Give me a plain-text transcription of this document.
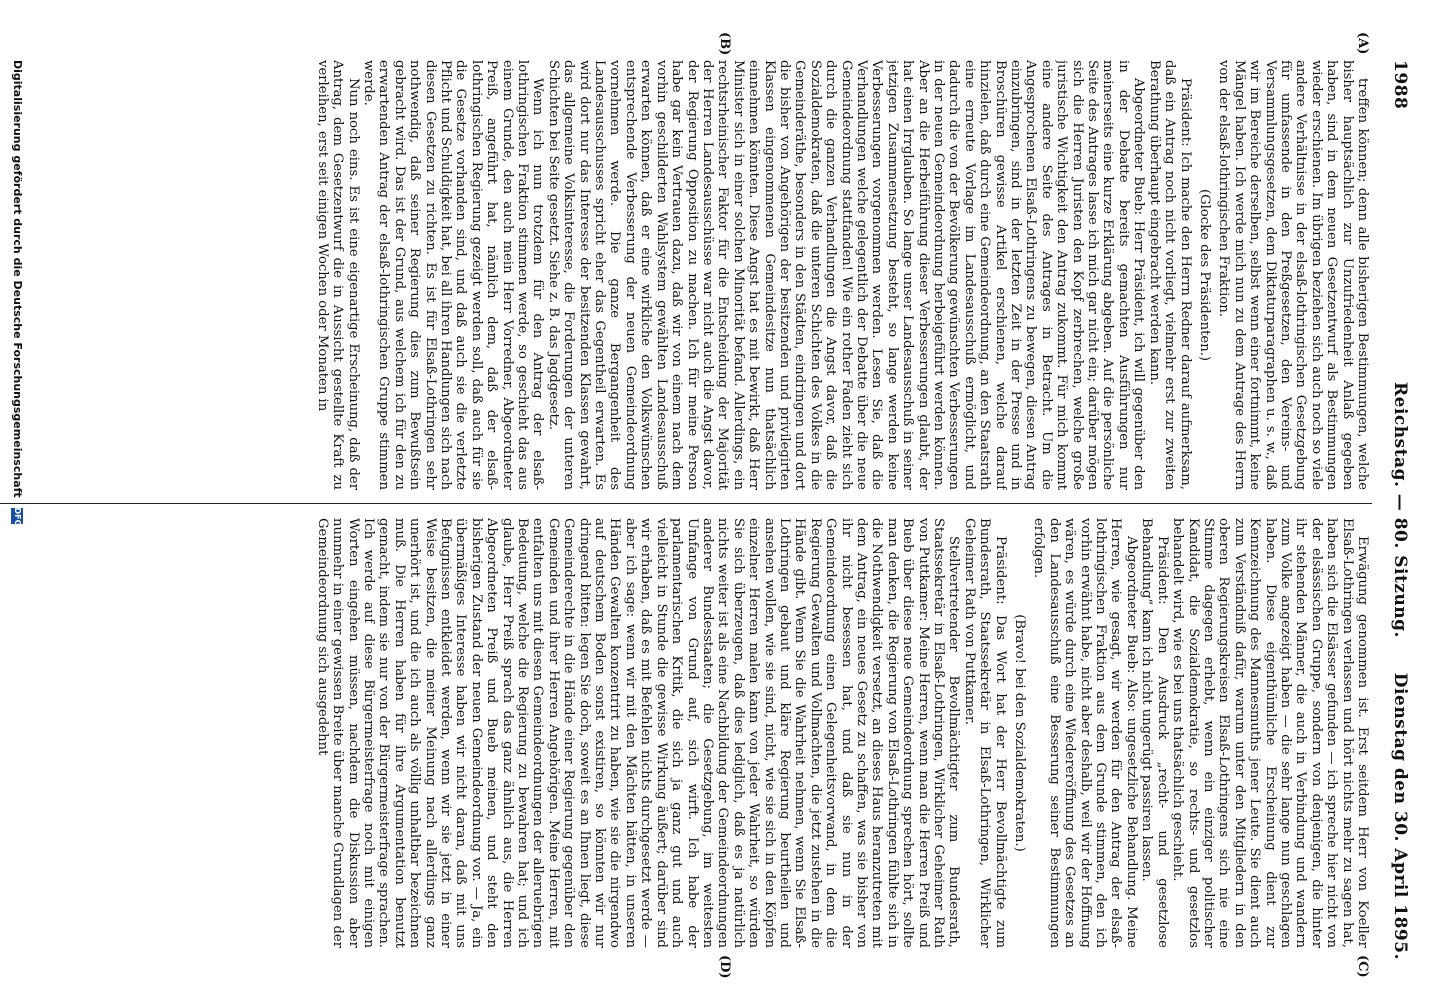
1988
Reichstag. — 80. Sitzung.
Dienstag den 30. April 1895.
(A)
(B)
(C)
(D)

treffen können; denn alle bisherigen Bestimmungen, welche bisher hauptsächlich zur Unzufriedenheit Anlaß gegeben haben, sind in dem neuen Gesetzentwurf als Bestimmungen wieder erschienen. Im übrigen beziehen sich auch noch so viele andere Verhältnisse in der elsaß-lothringischen Gesetzgebung für umfassende in den Preßgesetzen, den Vereins- und Versammlungsgesetzen, dem Diktaturparagraphen u. s. w., daß wir im Bereiche derselben, selbst wenn einer fortnimmt, keine Mängel haben. Ich werde mich nun zu dem Antrage des Herrn von der elsaß-lothringischen Fraktion.

(Glocke des Präsidenten.)

Präsident: Ich mache den Herrn Redner darauf aufmerksam, daß ein Antrag noch nicht vorliegt, vielmehr erst zur zweiten Berathung überhaupt eingebracht werden kann.

Abgeordneter Bueb: Herr Präsident, ich will gegenüber den in der Debatte bereits gemachten Ausführungen nur meinerseits eine kurze Erklärung abgeben. Auf die persönliche Seite des Antrages lasse ich mich gar nicht ein; darüber mögen sich die Herren Juristen den Kopf zerbrechen, welche große juristische Wichtigkeit den Antrag zukommt. Für mich kommt eine andere Seite des Antrages in Betracht. Um die Angesprochenen Elsaß-Lothringens zu bewegen, diesen Antrag einzubringen, sind in der letzten Zeit in der Presse und in Broschüren gewisse Artikel erschienen, welche darauf hinzielen, daß durch eine Gemeindeordnung, an den Staatsrath eine erneute Vorlage im Landesausschuß ermöglicht, und dadurch die von der Bevölkerung gewünschten Verbesserungen in der neuen Gemeindeordnung herbeigeführt werden können. Aber an die Herbeiführung dieser Verbesserungen glaubt, der hat einen Irrglauben. So lange unser Landesausschuß in seiner jetzigen Zusammensetzung besteht, so lange werden keine Verbesserungen vorgenommen werden. Lesen Sie, daß die Verhandlungen welche gelegentlich der Debatte über die neue Gemeindeordnung stattfanden! Wie ein rother Faden zieht sich durch die ganzen Verhandlungen die Angst davor, daß die Sozialdemokraten, daß die unteren Schichten des Volkes in die Gemeinderäthe, besonders in den Städten, eindringen und dort die bisher von Angehörigen der besitzenden und privilegirten Klassen eingenommenen Gemeindesitze nun thatsächlich einnehmen könnten. Diese Angst hat es mit bewirkt, daß Herr Minister sich in einer solchen Minorität befand. Allerdings, ein rechtsrheinischer Faktor für die Entscheidung der Majorität der Herren Landesausschüsse war nicht auch die Angst davor, der Regierung Opposition zu machen. Ich für meine Person habe gar kein Vertrauen dazu, daß wir von einem nach dem vorhin geschilderten Wahlsystem gewählten Landesausschuß erwarten können, daß er eine wirkliche den Volkswünschen entsprechende Verbesserung der neuen Gemeindeordnung vornehmen werde. Die ganze Bergangenheit des Landesausschusses spricht eher das Gegentheil erwarten. Es wird dort nur das Interesse der besitzenden Klassen gewahrt, das allgemeine Volksinteresse, die Forderungen der unteren Schichten bei Seite gesetzt. Siehe z. B. das Jagdgesetz.

Wenn ich nun trotzdem für den Antrag der elsaß-lothringischen Fraktion stimmen werde, so geschieht das aus einem Grunde, den auch mein Herr Vorredner, Abgeordneter Preiß, angeführt hat, nämlich dem, daß der elsaß-lothringischen Regierung gezeigt werden soll, daß auch für sie die Gesetze vorhanden sind, und daß auch sie die verletzte Pflicht und Schuldigkeit hat, bei all ihren Handlungen sich nach diesen Gesetzen zu richten. Es ist für Elsaß-Lothringen sehr nothwendig, daß seiner Regierung dies zum Bewußtsein gebracht wird. Das ist der Grund, aus welchem ich für den zu erwartenden Antrag der elsaß-lothringischen Gruppe stimmen werde.

Nun noch eins. Es ist eine eigenartige Erscheinung, daß der Antrag, dem Gesetzentwurf die in Aussicht gestellte Kraft zu verleihen, erst seit einigen Wochen oder Monaten in

Erwägung genommen ist. Erst seitdem Herr von Koeller Elsaß-Lothringen verlassen und hört nichts mehr zu sagen hat, haben sich die Elsässer gefunden — ich spreche hier nicht von der elsässischen Gruppe, sondern von denjenigen, die hinter ihr stehenden Männer, die auch in Verbindung und wandern zum Volke angezeigt haben — die sehr lange nun geschlagen haben. Diese eigenthümliche Erscheinung dient zur Kennzeichnung des Mannesmuths jener Leute. Sie dient auch zum Verständniß dafür, warum unter den Mitgliedern in den oberen Regierungskreisen Elsaß-Lothringens sich nie eine Stimme dagegen erhebt, wenn ein einziger politischer Kandidat, die Sozialdemokratie, so rechts- und gesetzlos behandelt wird, wie es bei uns thatsächlich geschieht.

Präsident: Den Ausdruck „recht- und gesetzlose Behandlung“ kann ich nicht ungerügt passiren lassen.

Abgeordneter Bueb: Also: ungesetzliche Behandlung. Meine Herren, wie gesagt, wir werden für den Antrag der elsaß-lothringischen Fraktion aus dem Grunde stimmen, den ich vorhin erwähnt habe, nicht aber deshalb, weil wir der Hoffnung wären, es würde durch eine Wiedereröffnung des Gesetzes an den Landesausschuß eine Besserung seiner Bestimmungen erfolgen.

(Bravo! bei den Sozialdemokraten.)

Präsident: Das Wort hat der Herr Bevollmächtigte zum Bundesrath, Staatssekretär in Elsaß-Lothringen, Wirklicher Geheimer Rath von Puttkamer.

Stellvertretender Bevollmächtigter zum Bundesrath, Staatssekretär in Elsaß-Lothringen, Wirklicher Geheimer Rath von Puttkamer: Meine Herren, wenn man die Herren Preiß und Bueb über diese neue Gemeindeordnung sprechen hört, sollte man denken, die Regierung von Elsaß-Lothringen fühlte sich in die Nothwendigkeit versetzt, an dieses Haus heranzutreten mit dem Antrag, ein neues Gesetz zu schaffen, was sie bisher von ihr nicht besessen hat, und daß sie nun in der Gemeindeordnung einen Gelegenheitsvorwand, in dem die Regierung Gewalten und Vollmachten, die jetzt zustehen in die Hände gibt. Wenn Sie die Wahrheit nehmen, wenn Sie Elsaß-Lothringen gebaut und kläre Regierung beurtheilen und ansehen wollen, wie sie sind, nicht, wie sie sich in den Köpfen einzelner Herren malen kann von jeder Wahrheit, so würden Sie sich überzeugen, daß dies lediglich, daß es ja natürlich nichts weiter ist als eine Nachbildung der Gemeindeordnungen anderer Bundesstaaten; die Gesetzgebung, im weitesten Umfange von Grund auf, sich wirft. Ich habe der parlamentarischen Kritik, die sich ja ganz gut und auch vielleicht in Stunde die gewisse Wirkung äußert; darüber sind wir erhaben, daß es mit Befehlen nichts durchgesetzt werde — aber ich sage: wenn wir mit den Mächten hätten, in unseren Händen Gewalten konzentrirt zu haben, wie sie die nirgendwo auf deutschem Boden sonst existiren, so könnten wir nur dringend bitten: legen Sie doch, soweit es an Ihnen liegt, diese Gemeinderechte in die Hände einer Regierung gegenüber den Gemeinden und ihrer Herren Angehörigen. Meine Herren, mit entfalten uns mit diesen Gemeindeordnungen der alleruebrigen Bedeutung, welche die Regierung zu bewahren hat; und ich glaube, Herr Preiß sprach das ganz ähnlich aus, die Herren Abgeordneten Preiß und Bueb meinen, und steht den bisherigen Zustand der neuen Gemeindeordnung vor. — Ja, ein übermäßiges Interesse haben wir nicht daran, daß mit uns Befugnissen entkleidet werden, wenn wir sie jetzt in einer Weise besitzen, die meiner Meinung nach allerdings ganz unerhört ist, und die ich auch als völlig unhaltbar bezeichnen muß. Die Herren haben für ihre Argumentation benutzt gemacht, indem sie nur von der Bürgermeisterfrage sprachen. Ich werde auf diese Bürgermeisterfrage noch mit einigen Worten eingehen müssen, nachdem die Diskussion aber nunmehr in einer gewissen Breite über manche Grundlagen der Gemeindeordnung sich ausgedehnt

Digitalisierung gefördert durch die Deutsche Forschungsgemeinschaft DFG
